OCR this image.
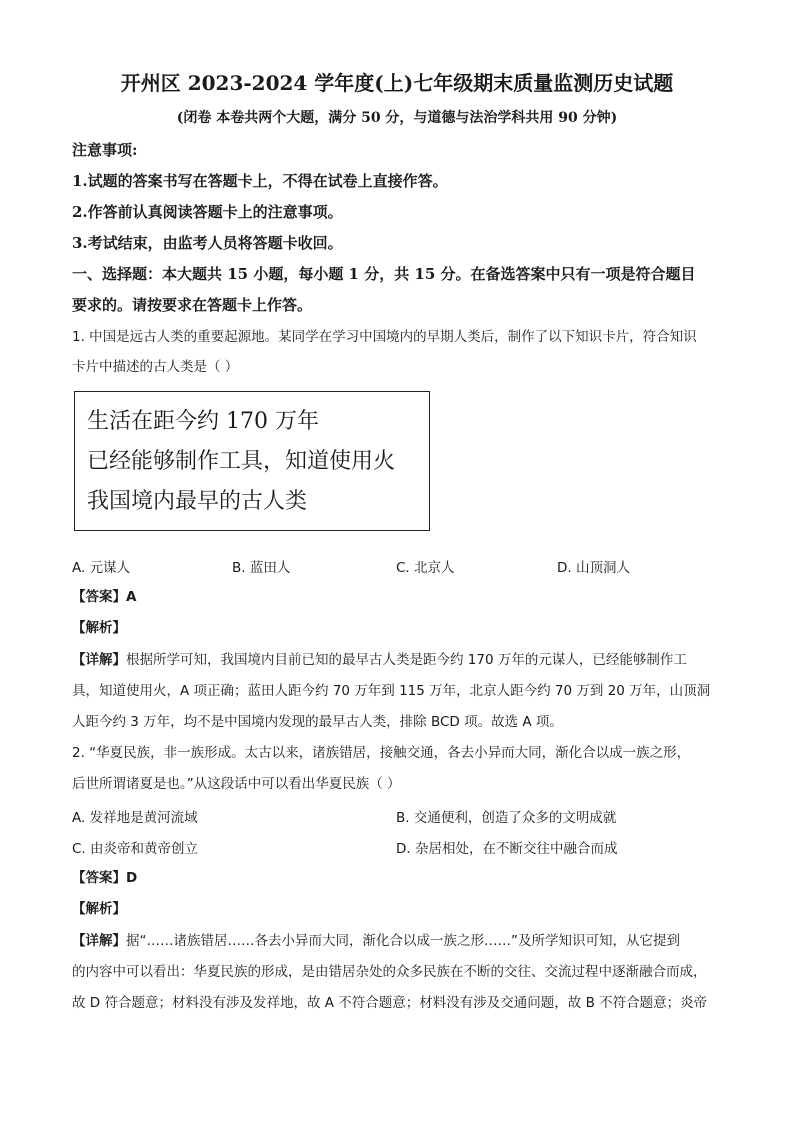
开州区 2023-2024 学年度(上)七年级期末质量监测历史试题
(闭卷 本卷共两个大题，满分 50 分，与道德与法治学科共用 90 分钟)
注意事项:
1.试题的答案书写在答题卡上，不得在试卷上直接作答。
2.作答前认真阅读答题卡上的注意事项。
3.考试结束，由监考人员将答题卡收回。
一、选择题：本大题共 15 小题，每小题 1 分，共 15 分。在备选答案中只有一项是符合题目
要求的。请按要求在答题卡上作答。
1. 中国是远古人类的重要起源地。某同学在学习中国境内的早期人类后，制作了以下知识卡片，符合知识
卡片中描述的古人类是（ ）
生活在距今约 170 万年
已经能够制作工具，知道使用火
我国境内最早的古人类
A. 元谋人	B. 蓝田人	C. 北京人	D. 山顶洞人
【答案】A
【解析】
【详解】根据所学可知，我国境内目前已知的最早古人类是距今约 170 万年的元谋人，已经能够制作工
具，知道使用火，A 项正确；蓝田人距今约 70 万年到 115 万年，北京人距今约 70 万到 20 万年，山顶洞
人距今约 3 万年，均不是中国境内发现的最早古人类，排除 BCD 项。故选 A 项。
2. “华夏民族，非一族形成。太古以来，诸族错居，接触交通，各去小异而大同，渐化合以成一族之形，
后世所谓诸夏是也。”从这段话中可以看出华夏民族（ ）
A. 发祥地是黄河流域	B. 交通便利，创造了众多的文明成就
C. 由炎帝和黄帝创立	D. 杂居相处，在不断交往中融合而成
【答案】D
【解析】
【详解】据“……诸族错居……各去小异而大同，渐化合以成一族之形……”及所学知识可知，从它提到
的内容中可以看出：华夏民族的形成，是由错居杂处的众多民族在不断的交往、交流过程中逐渐融合而成，
故 D 符合题意；材料没有涉及发祥地，故 A 不符合题意；材料没有涉及交通问题，故 B 不符合题意；炎帝
